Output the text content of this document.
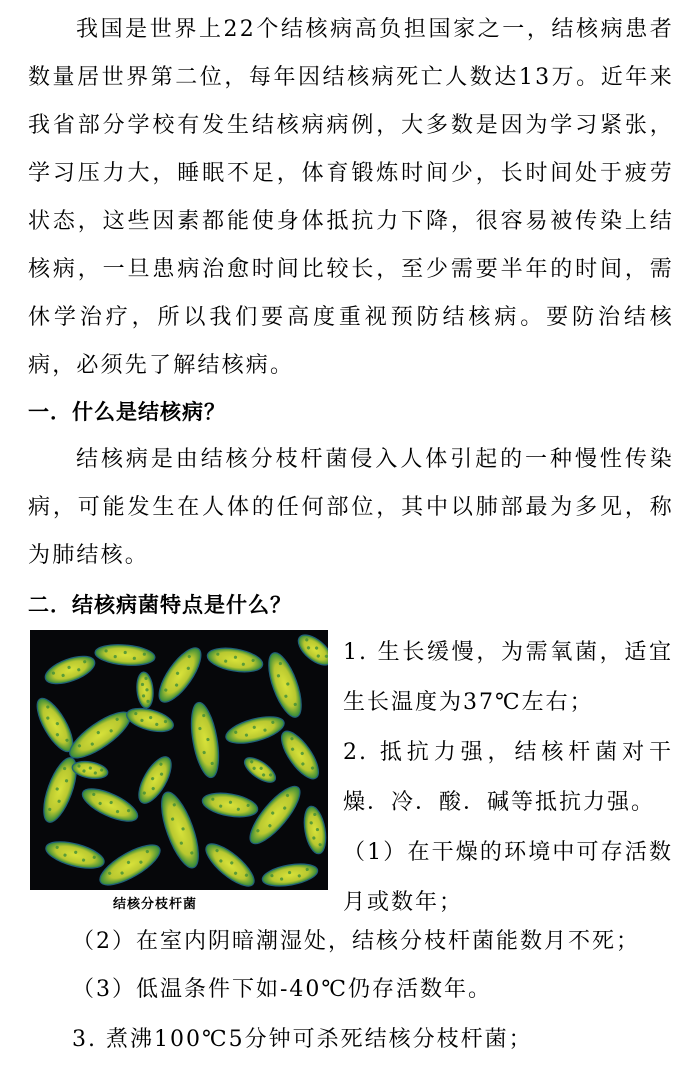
我国是世界上22个结核病高负担国家之一，结核病患者数量居世界第二位，每年因结核病死亡人数达13万。近年来我省部分学校有发生结核病病例，大多数是因为学习紧张，学习压力大，睡眠不足，体育锻炼时间少，长时间处于疲劳状态，这些因素都能使身体抵抗力下降，很容易被传染上结核病，一旦患病治愈时间比较长，至少需要半年的时间，需休学治疗，所以我们要高度重视预防结核病。要防治结核病，必须先了解结核病。

一．什么是结核病？

结核病是由结核分枝杆菌侵入人体引起的一种慢性传染病，可能发生在人体的任何部位，其中以肺部最为多见，称为肺结核。

二．结核病菌特点是什么？
结核分枝杆菌

1. 生长缓慢，为需氧菌，适宜生长温度为37℃左右；
2. 抵抗力强，结核杆菌对干燥．冷．酸．碱等抵抗力强。
（1）在干燥的环境中可存活数月或数年；

（2）在室内阴暗潮湿处，结核分枝杆菌能数月不死；

（3）低温条件下如-40℃仍存活数年。

3. 煮沸100℃5分钟可杀死结核分枝杆菌；
